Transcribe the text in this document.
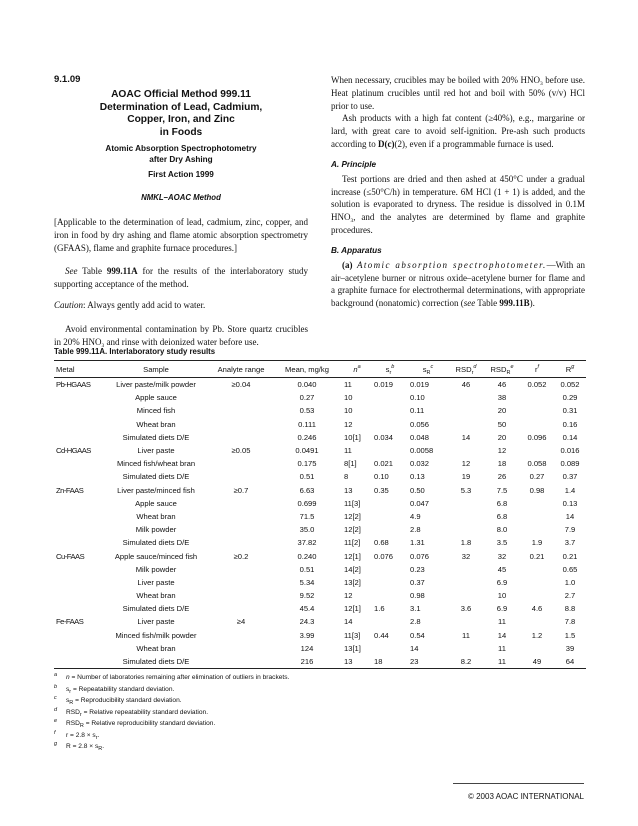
9.1.09
AOAC Official Method 999.11
Determination of Lead, Cadmium,
Copper, Iron, and Zinc
in Foods
Atomic Absorption Spectrophotometry
after Dry Ashing
First Action 1999
NMKL–AOAC Method

[Applicable to the determination of lead, cadmium, zinc, copper, and iron in food by dry ashing and flame atomic absorption spectrometry (GFAAS), flame and graphite furnace procedures.]

See Table 999.11A for the results of the interlaboratory study supporting acceptance of the method.

Caution: Always gently add acid to water.

Avoid environmental contamination by Pb. Store quartz crucibles in 20% $HNO_3$ and rinse with deionized water before use.

When necessary, crucibles may be boiled with 20% $HNO_3$ before use. Heat platinum crucibles until red hot and boil with 50% (v/v) HCl prior to use.

Ash products with a high fat content (≥40%), e.g., margarine or lard, with great care to avoid self-ignition. Pre-ash such products according to D(c)(2), even if a programmable furnace is used.

A. Principle

Test portions are dried and then ashed at 450°C under a gradual increase (≤50°C/h) in temperature. 6M HCl (1 + 1) is added, and the solution is evaporated to dryness. The residue is dissolved in 0.1M $HNO_3$, and the analytes are determined by flame and graphite procedures.

B. Apparatus

(a) Atomic absorption spectrophotometer.—With an air–acetylene burner or nitrous oxide–acetylene burner for flame and a graphite furnace for electrothermal determinations, with appropriate background (nonatomic) correction (see Table 999.11B).

Table 999.11A. Interlaboratory study results
Metal	Sample	Analyte range	Mean, mg/kg	$n^a$	$s_r^b$	$s_R^c$	$RSD_r^d$	$RSD_R^e$	$r^f$	$R^g$
Pb-HGAAS	Liver paste/milk powder	≥0.04	0.040	11	0.019	0.019	46	46	0.052	0.052
	Apple sauce		0.27	10		0.10		38		0.29
	Minced fish		0.53	10		0.11		20		0.31
	Wheat bran		0.111	12		0.056		50		0.16
	Simulated diets D/E		0.246	10[1]	0.034	0.048	14	20	0.096	0.14
Cd-HGAAS	Liver paste	≥0.05	0.0491	11		0.0058		12		0.016
	Minced fish/wheat bran		0.175	8[1]	0.021	0.032	12	18	0.058	0.089
	Simulated diets D/E		0.51	8	0.10	0.13	19	26	0.27	0.37
Zn-FAAS	Liver paste/minced fish	≥0.7	6.63	13	0.35	0.50	5.3	7.5	0.98	1.4
	Apple sauce		0.699	11[3]		0.047		6.8		0.13
	Wheat bran		71.5	12[2]		4.9		6.8		14
	Milk powder		35.0	12[2]		2.8		8.0		7.9
	Simulated diets D/E		37.82	11[2]	0.68	1.31	1.8	3.5	1.9	3.7
Cu-FAAS	Apple sauce/minced fish	≥0.2	0.240	12[1]	0.076	0.076	32	32	0.21	0.21
	Milk powder		0.51	14[2]		0.23		45		0.65
	Liver paste		5.34	13[2]		0.37		6.9		1.0
	Wheat bran		9.52	12		0.98		10		2.7
	Simulated diets D/E		45.4	12[1]	1.6	3.1	3.6	6.9	4.6	8.8
Fe-FAAS	Liver paste	≥4	24.3	14		2.8		11		7.8
	Minced fish/milk powder		3.99	11[3]	0.44	0.54	11	14	1.2	1.5
	Wheat bran		124	13[1]		14		11		39
	Simulated diets D/E		216	13	18	23	8.2	11	49	64
a n = Number of laboratories remaining after elimination of outliers in brackets.
b $s_r$ = Repeatability standard deviation.
c $s_R$ = Reproducibility standard deviation.
d $RSD_r$ = Relative repeatability standard deviation.
e $RSD_R$ = Relative reproducibility standard deviation.
f $r = 2.8 \times s_r$.
g $R = 2.8 \times s_R$.
© 2003 AOAC INTERNATIONAL
